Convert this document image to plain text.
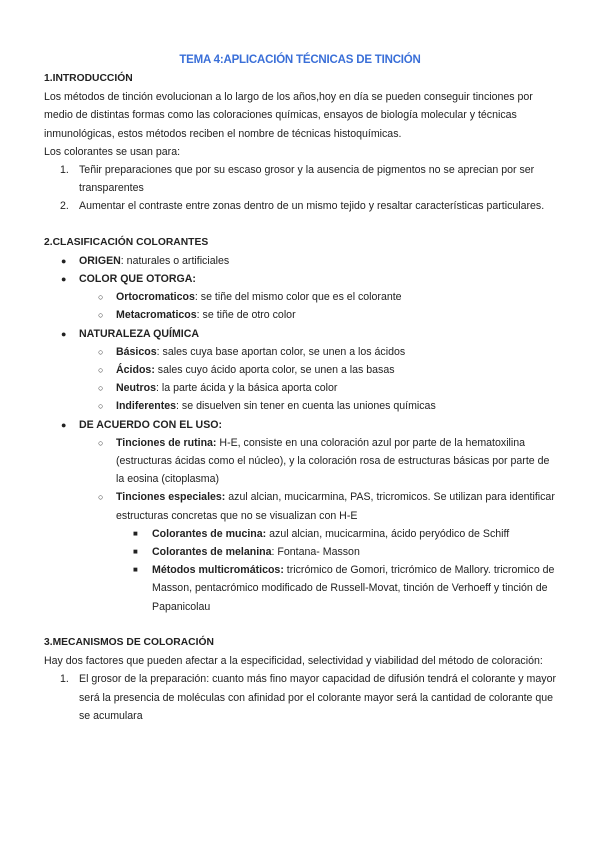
TEMA 4:APLICACIÓN TÉCNICAS DE TINCIÓN
1.INTRODUCCIÓN

Los métodos de tinción evolucionan a lo largo de los años,hoy en día se pueden conseguir tinciones por medio de distintas formas como las coloraciones químicas, ensayos de biología molecular y técnicas inmunológicas, estos métodos reciben el nombre de técnicas histoquímicas.

Los colorantes se usan para:

1. Teñir preparaciones que por su escaso grosor y la ausencia de pigmentos no se aprecian por ser transparentes
2. Aumentar el contraste entre zonas dentro de un mismo tejido y resaltar características particulares.
2.CLASIFICACIÓN COLORANTES
● ORIGEN: naturales o artificiales
● COLOR QUE OTORGA:
○ Ortocromaticos: se tiñe del mismo color que es el colorante
○ Metacromaticos: se tiñe de otro color
● NATURALEZA QUÍMICA
○ Básicos: sales cuya base aportan color, se unen a los ácidos
○ Ácidos: sales cuyo ácido aporta color, se unen a las basas
○ Neutros: la parte ácida y la básica aporta color
○ Indiferentes: se disuelven sin tener en cuenta las uniones químicas
● DE ACUERDO CON EL USO:
○ Tinciones de rutina: H-E, consiste en una coloración azul por parte de la hematoxilina (estructuras ácidas como el núcleo), y la coloración rosa de estructuras básicas por parte de la eosina (citoplasma)
○ Tinciones especiales: azul alcian, mucicarmina, PAS, tricromicos. Se utilizan para identificar estructuras concretas que no se visualizan con H-E
■ Colorantes de mucina: azul alcian, mucicarmina, ácido peryódico de Schiff
■ Colorantes de melanina: Fontana- Masson
■ Métodos multicromáticos: tricrómico de Gomori, tricrómico de Mallory. tricromico de Masson, pentacrómico modificado de Russell-Movat, tinción de Verhoeff y tinción de Papanicolau
3.MECANISMOS DE COLORACIÓN

Hay dos factores que pueden afectar a la especificidad, selectividad y viabilidad del método de coloración:

1. El grosor de la preparación: cuanto más fino mayor capacidad de difusión tendrá el colorante y mayor será la presencia de moléculas con afinidad por el colorante mayor será la cantidad de colorante que se acumulara
